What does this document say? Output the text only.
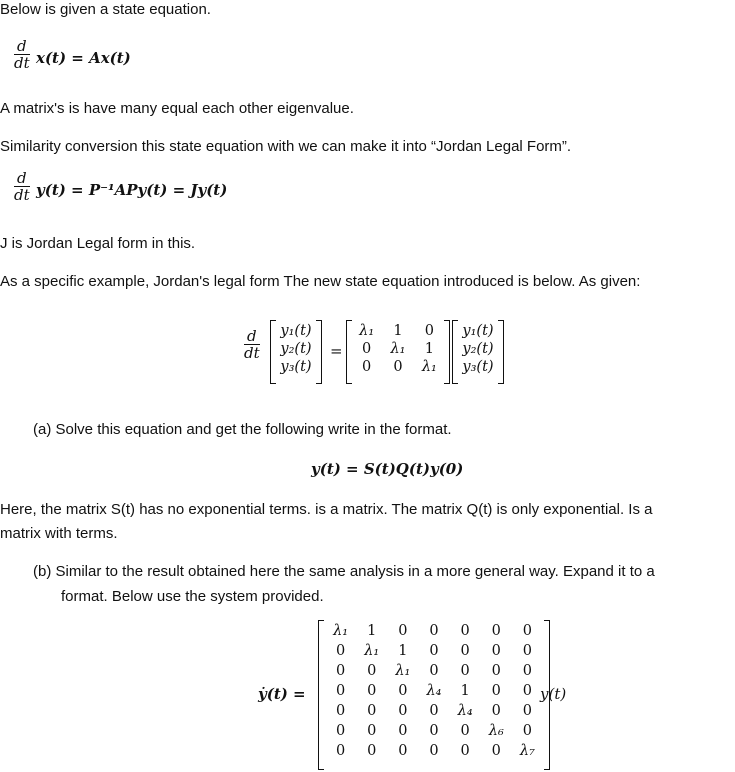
Below is given a state equation.
d
dt x(t) = Ax(t)
A matrix's is have many equal each other eigenvalue.
Similarity conversion this state equation with we can make it into “Jordan Legal Form”.
d
dt y(t) = P⁻¹APy(t) = Jy(t)
J is Jordan Legal form in this.
As a specific example, Jordan's legal form The new state equation introduced is below. As given:
d
dt
y₁(t)
y₂(t)
y₃(t)
=
λ₁	1	0
0	λ₁	1
0	0	λ₁
y₁(t)
y₂(t)
y₃(t)
(a) Solve this equation and get the following write in the format.
y(t) = S(t)Q(t)y(0)
Here, the matrix S(t) has no exponential terms. is a matrix. The matrix Q(t) is only exponential. Is a
matrix with terms.
(b) Similar to the result obtained here the same analysis in a more general way. Expand it to a
format. Below use the system provided.
ẏ(t) =
λ₁	1	0	0	0	0	0
0	λ₁	1	0	0	0	0
0	0	λ₁	0	0	0	0
0	0	0	λ₄	1	0	0
0	0	0	0	λ₄	0	0
0	0	0	0	0	λ₆	0
0	0	0	0	0	0	λ₇
y(t)
